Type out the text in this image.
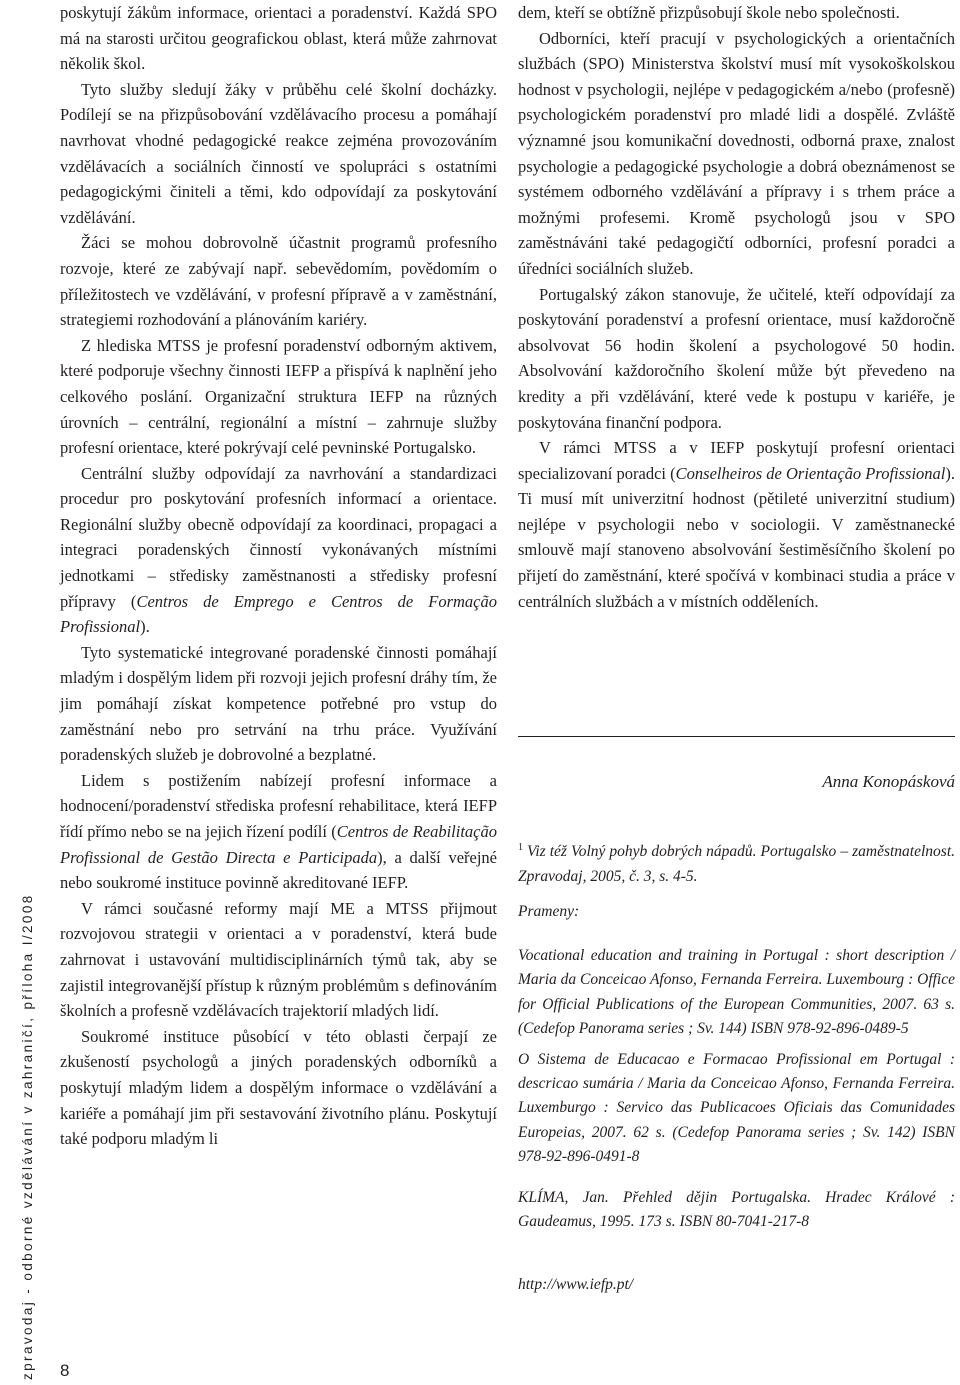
poskytují žákům informace, orientaci a poradenství. Každá SPO má na starosti určitou geografickou oblast, která může zahrnovat několik škol.

Tyto služby sledují žáky v průběhu celé školní docházky. Podílejí se na přizpůsobování vzdělávacího procesu a pomáhají navrhovat vhodné pedagogické reakce zejména provozováním vzdělávacích a sociálních činností ve spolupráci s ostatními pedagogickými činiteli a těmi, kdo odpovídají za poskytování vzdělávání.

Žáci se mohou dobrovolně účastnit programů profesního rozvoje, které ze zabývají např. sebevědomím, povědomím o příležitostech ve vzdělávání, v profesní přípravě a v zaměstnání, strategiemi rozhodování a plánováním kariéry.

Z hlediska MTSS je profesní poradenství odborným aktivem, které podporuje všechny činnosti IEFP a přispívá k naplnění jeho celkového poslání. Organizační struktura IEFP na různých úrovních – centrální, regionální a místní – zahrnuje služby profesní orientace, které pokrývají celé pevninské Portugalsko.

Centrální služby odpovídají za navrhování a standardizaci procedur pro poskytování profesních informací a orientace. Regionální služby obecně odpovídají za koordinaci, propagaci a integraci poradenských činností vykonávaných místními jednotkami – středisky zaměstnanosti a středisky profesní přípravy (Centros de Emprego e Centros de Formação Profissional).

Tyto systematické integrované poradenské činnosti pomáhají mladým i dospělým lidem při rozvoji jejich profesní dráhy tím, že jim pomáhají získat kompetence potřebné pro vstup do zaměstnání nebo pro setrvání na trhu práce. Využívání poradenských služeb je dobrovolné a bezplatné.

Lidem s postižením nabízejí profesní informace a hodnocení/poradenství střediska profesní rehabilitace, která IEFP řídí přímo nebo se na jejich řízení podílí (Centros de Reabilitação Profissional de Gestão Directa e Participada), a další veřejné nebo soukromé instituce povinně akreditované IEFP.

V rámci současné reformy mají ME a MTSS přijmout rozvojovou strategii v orientaci a v poradenství, která bude zahrnovat i ustavování multidisciplinárních týmů tak, aby se zajistil integrovanější přístup k různým problémům s definováním školních a profesně vzdělávacích trajektorií mladých lidí.

Soukromé instituce působící v této oblasti čerpají ze zkušeností psychologů a jiných poradenských odborníků a poskytují mladým lidem a dospělým informace o vzdělávání a kariéře a pomáhají jim při sestavování životního plánu. Poskytují také podporu mladým li

dem, kteří se obtížně přizpůsobují škole nebo společnosti.

Odborníci, kteří pracují v psychologických a orientačních službách (SPO) Ministerstva školství musí mít vysokoškolskou hodnost v psychologii, nejlépe v pedagogickém a/nebo (profesně) psychologickém poradenství pro mladé lidi a dospělé. Zvláště významné jsou komunikační dovednosti, odborná praxe, znalost psychologie a pedagogické psychologie a dobrá obeznámenost se systémem odborného vzdělávání a přípravy i s trhem práce a možnými profesemi. Kromě psychologů jsou v SPO zaměstnáváni také pedagogičtí odborníci, profesní poradci a úředníci sociálních služeb.

Portugalský zákon stanovuje, že učitelé, kteří odpovídají za poskytování poradenství a profesní orientace, musí každoročně absolvovat 56 hodin školení a psychologové 50 hodin. Absolvování každoročního školení může být převedeno na kredity a při vzdělávání, které vede k postupu v kariéře, je poskytována finanční podpora.

V rámci MTSS a v IEFP poskytují profesní orientaci specializovaní poradci (Conselheiros de Orientação Profissional). Ti musí mít univerzitní hodnost (pětileté univerzitní studium) nejlépe v psychologii nebo v sociologii. V zaměstnanecké smlouvě mají stanoveno absolvování šestiměsíčního školení po přijetí do zaměstnání, které spočívá v kombinaci studia a práce v centrálních službách a v místních odděleních.

Anna Konopásková
$^1$ Viz též Volný pohyb dobrých nápadů. Portugalsko – zaměstnatelnost. Zpravodaj, 2005, č. 3, s. 4-5.
Prameny:

Vocational education and training in Portugal : short description / Maria da Conceicao Afonso, Fernanda Ferreira. Luxembourg : Office for Official Publications of the European Communities, 2007. 63 s. (Cedefop Panorama series ; Sv. 144) ISBN 978-92-896-0489-5

O Sistema de Educacao e Formacao Profissional em Portugal : descricao sumária / Maria da Conceicao Afonso, Fernanda Ferreira. Luxemburgo : Servico das Publicacoes Oficiais das Comunidades Europeias, 2007. 62 s. (Cedefop Panorama series ; Sv. 142) ISBN 978-92-896-0491-8

KLÍMA, Jan. Přehled dějin Portugalska. Hradec Králové : Gaudeamus, 1995. 173 s. ISBN 80-7041-217-8

http://www.iefp.pt/
zpravodaj - odborné vzdělávání v zahraničí, příloha I/2008 8
